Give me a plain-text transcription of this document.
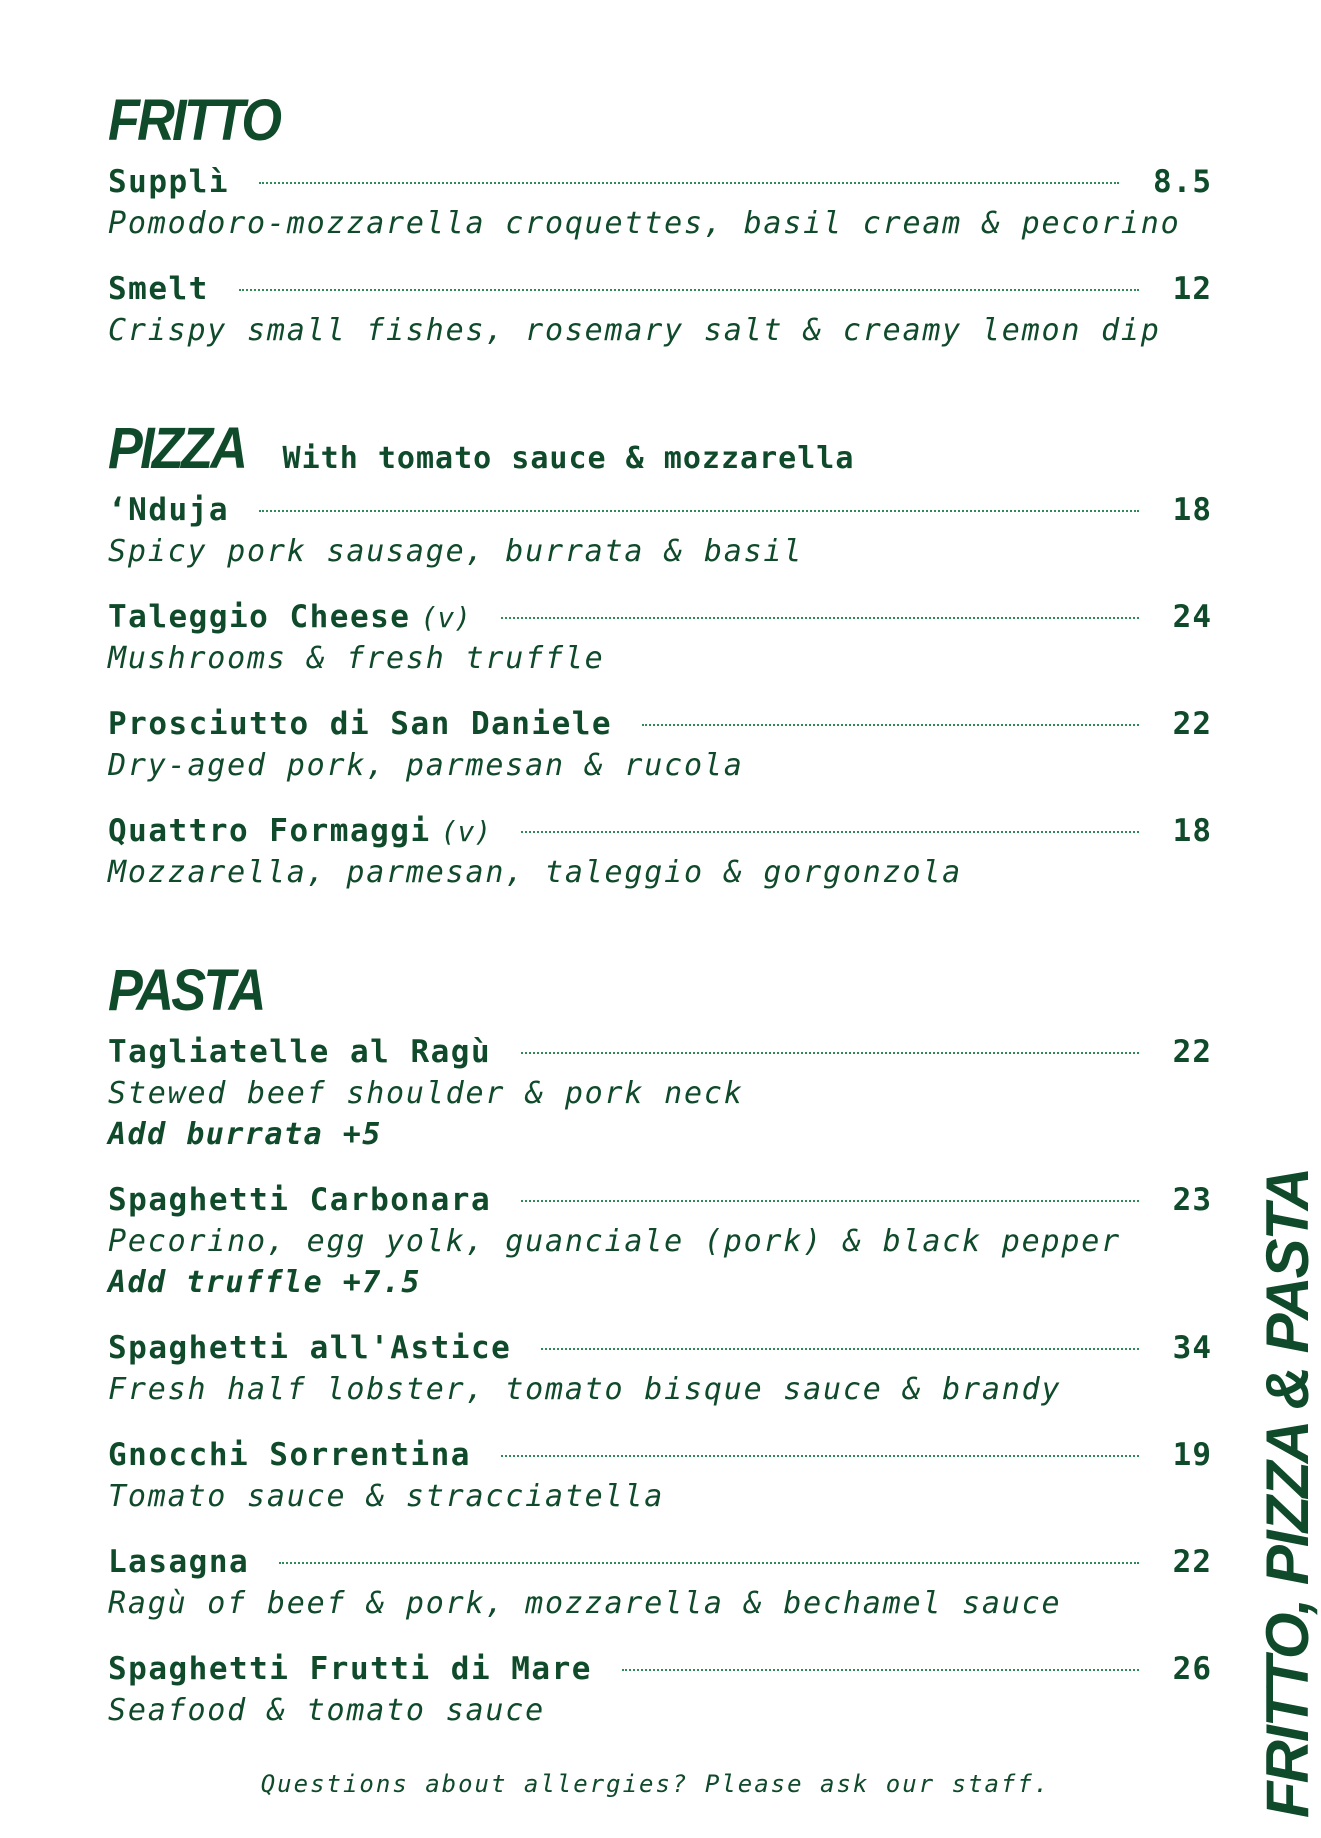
FRITTO
Supplì	8.5
Pomodoro-mozzarella croquettes, basil cream & pecorino
Smelt	12
Crispy small fishes, rosemary salt & creamy lemon dip
PIZZA With tomato sauce & mozzarella
‘Nduja	18
Spicy pork sausage, burrata & basil
Taleggio Cheese (v)	24
Mushrooms & fresh truffle
Prosciutto di San Daniele	22
Dry-aged pork, parmesan & rucola
Quattro Formaggi (v)	18
Mozzarella, parmesan, taleggio & gorgonzola
PASTA
Tagliatelle al Ragù	22
Stewed beef shoulder & pork neck
Add burrata +5
Spaghetti Carbonara	23
Pecorino, egg yolk, guanciale (pork) & black pepper
Add truffle +7.5
Spaghetti all'Astice	34
Fresh half lobster, tomato bisque sauce & brandy
Gnocchi Sorrentina	19
Tomato sauce & stracciatella
Lasagna	22
Ragù of beef & pork, mozzarella & bechamel sauce
Spaghetti Frutti di Mare	26
Seafood & tomato sauce
Questions about allergies? Please ask our staff.	FRITTO, PIZZA & PASTA
